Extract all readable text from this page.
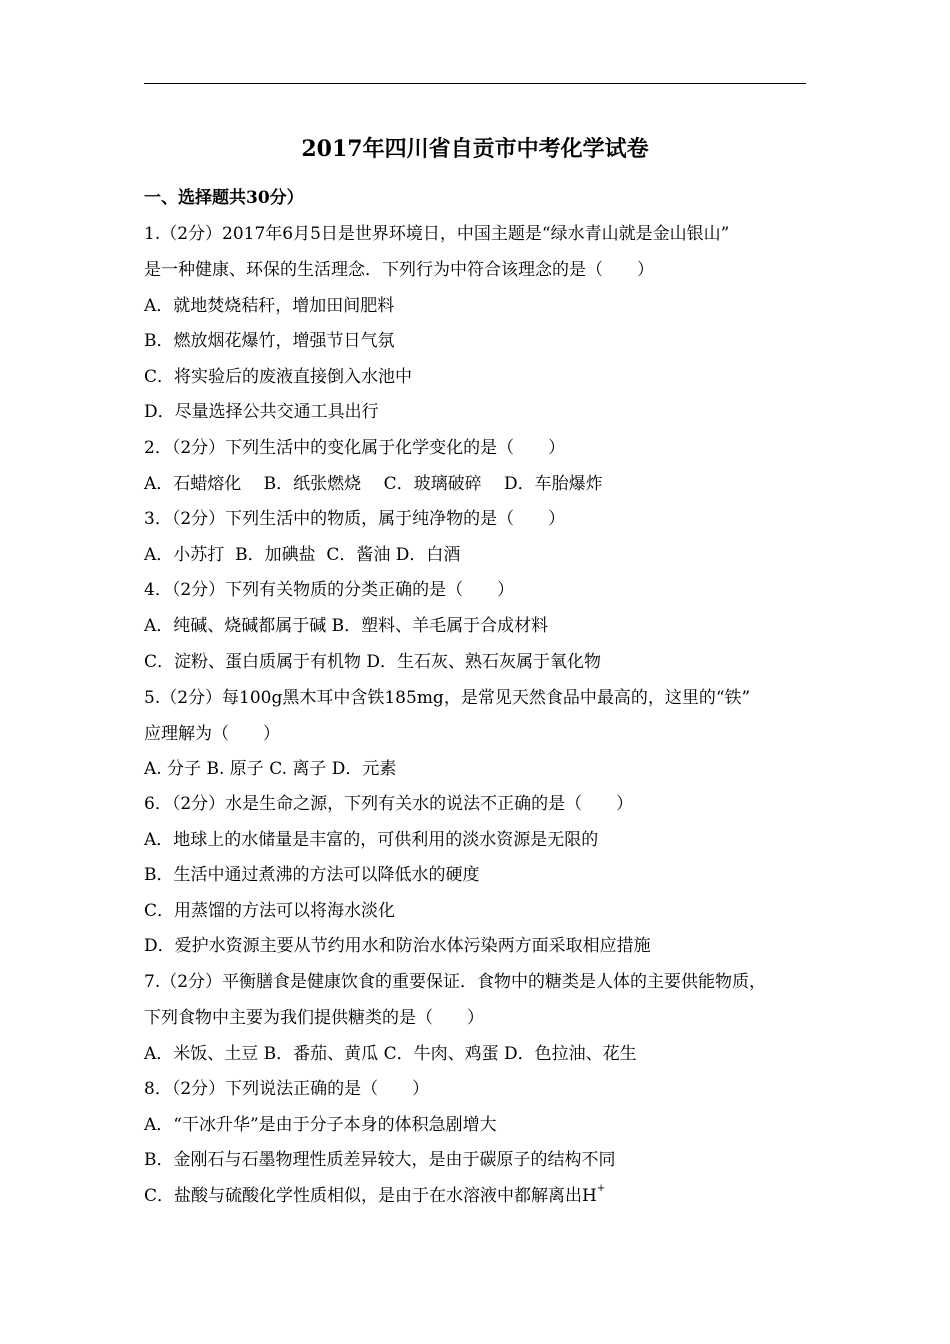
2017年四川省自贡市中考化学试卷
一、选择题共30分）
1.（2分）2017年6月5日是世界环境日，中国主题是“绿水青山就是金山银山”
是一种健康、环保的生活理念．下列行为中符合该理念的是（　　）
A．就地焚烧秸秆，增加田间肥料
B．燃放烟花爆竹，增强节日气氛
C．将实验后的废液直接倒入水池中
D．尽量选择公共交通工具出行
2．（2分）下列生活中的变化属于化学变化的是（　　）
A．石蜡熔化　 B．纸张燃烧　 C．玻璃破碎　 D．车胎爆炸
3．（2分）下列生活中的物质，属于纯净物的是（　　）
A．小苏打  B．加碘盐  C．酱油 D．白酒
4．（2分）下列有关物质的分类正确的是（　　）
A．纯碱、烧碱都属于碱 B．塑料、羊毛属于合成材料
C．淀粉、蛋白质属于有机物 D．生石灰、熟石灰属于氧化物
5.（2分）每100g黑木耳中含铁185mg，是常见天然食品中最高的，这里的“铁”
应理解为（　　）
A. 分子 B. 原子 C. 离子 D．元素
6．（2分）水是生命之源，下列有关水的说法不正确的是（　　）
A．地球上的水储量是丰富的，可供利用的淡水资源是无限的
B．生活中通过煮沸的方法可以降低水的硬度
C．用蒸馏的方法可以将海水淡化
D．爱护水资源主要从节约用水和防治水体污染两方面采取相应措施
7.（2分）平衡膳食是健康饮食的重要保证．食物中的糖类是人体的主要供能物质，
下列食物中主要为我们提供糖类的是（　　）
A．米饭、土豆 B．番茄、黄瓜 C．牛肉、鸡蛋 D．色拉油、花生
8．（2分）下列说法正确的是（　　）
A．“干冰升华”是由于分子本身的体积急剧增大
B．金刚石与石墨物理性质差异较大，是由于碳原子的结构不同
C．盐酸与硫酸化学性质相似，是由于在水溶液中都解离出H+
